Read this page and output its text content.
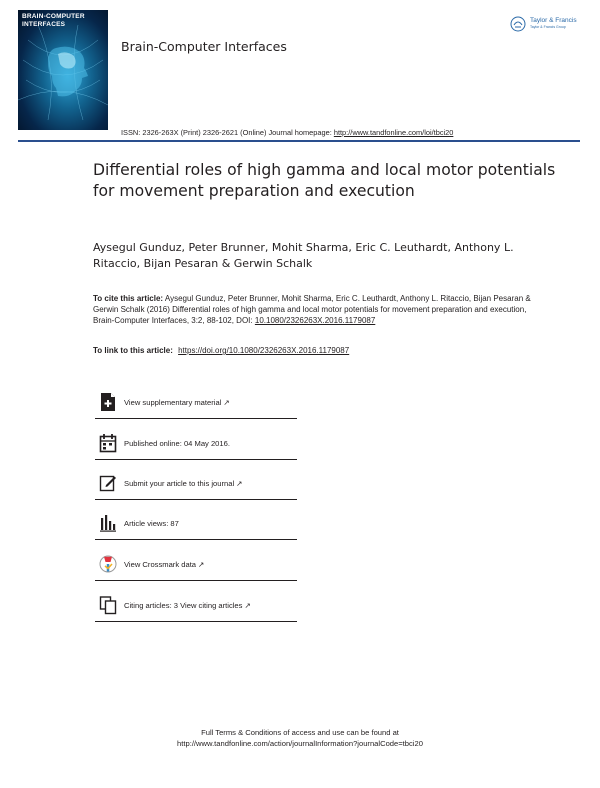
BRAIN-COMPUTER
INTERFACES
Brain-Computer Interfaces
Taylor & Francis
Taylor & Francis Group
ISSN: 2326-263X (Print) 2326-2621 (Online) Journal homepage: http://www.tandfonline.com/loi/tbci20
Differential roles of high gamma and local motor potentials for movement preparation and execution
Aysegul Gunduz, Peter Brunner, Mohit Sharma, Eric C. Leuthardt, Anthony L. Ritaccio, Bijan Pesaran & Gerwin Schalk
To cite this article: Aysegul Gunduz, Peter Brunner, Mohit Sharma, Eric C. Leuthardt, Anthony L. Ritaccio, Bijan Pesaran & Gerwin Schalk (2016) Differential roles of high gamma and local motor potentials for movement preparation and execution, Brain-Computer Interfaces, 3:2, 88-102, DOI: 10.1080/2326263X.2016.1179087
To link to this article: https://doi.org/10.1080/2326263X.2016.1179087
View supplementary material ↗
Published online: 04 May 2016.
Submit your article to this journal ↗
Article views: 87
View Crossmark data ↗
Citing articles: 3 View citing articles ↗
Full Terms & Conditions of access and use can be found at
http://www.tandfonline.com/action/journalInformation?journalCode=tbci20
